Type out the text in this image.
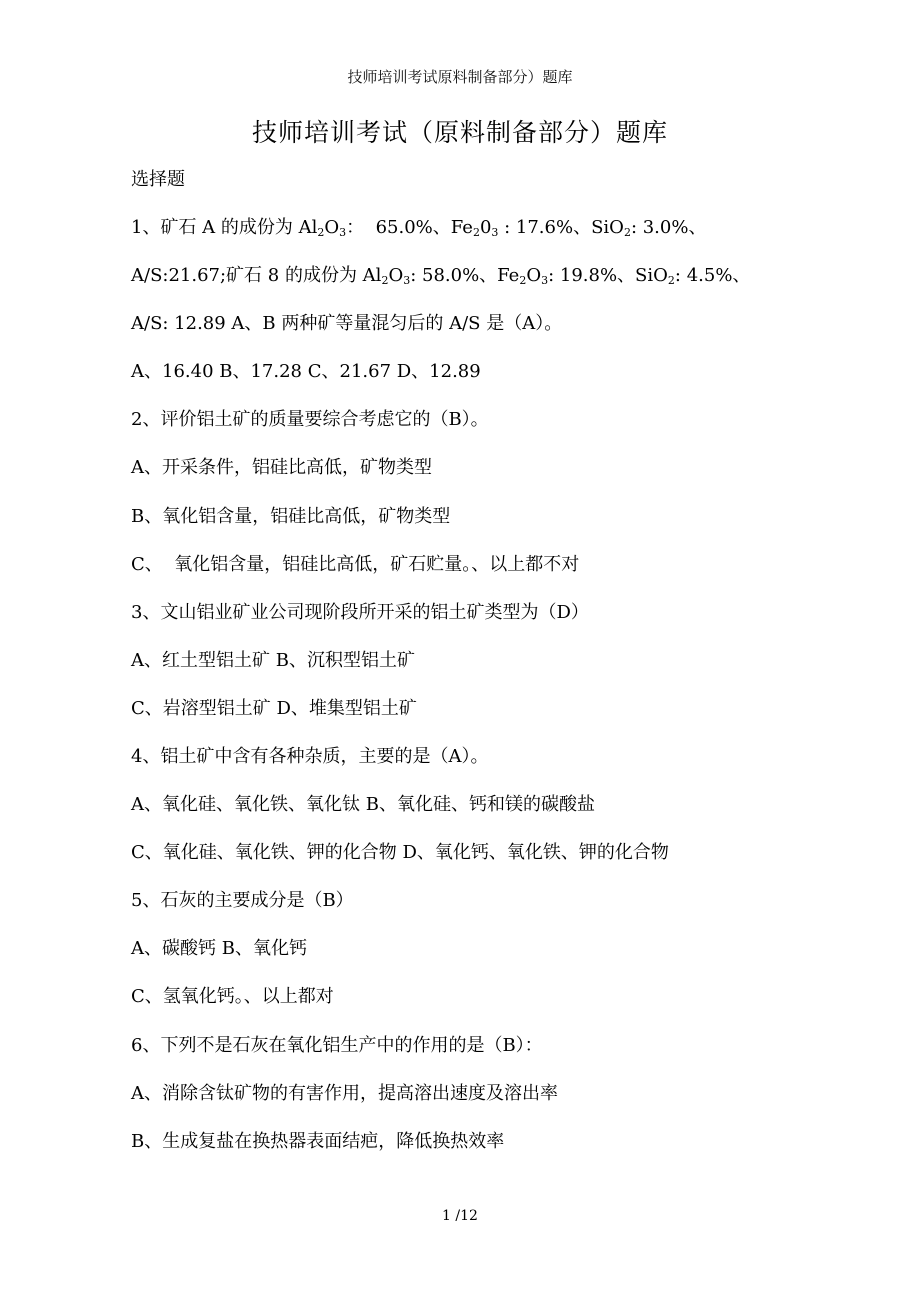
技师培训考试原料制备部分）题库
技师培训考试（原料制备部分）题库
选择题
1、矿石 A 的成份为 $Al_2O_3$：  65.0%、$Fe_20_3$ : 17.6%、SiO$_2$: 3.0%、
A/S:21.67;矿石 8 的成份为 $Al_2O_3$: 58.0%、$Fe_2O_3$: 19.8%、SiO$_2$: 4.5%、
A/S: 12.89 A、B 两种矿等量混匀后的 A/S 是（A）。
A、16.40 B、17.28 C、21.67 D、12.89
2、评价铝土矿的质量要综合考虑它的（B）。
A、开采条件，铝硅比高低，矿物类型
B、氧化铝含量，铝硅比高低，矿物类型
C、  氧化铝含量，铝硅比高低，矿石贮量。、以上都不对
3、文山铝业矿业公司现阶段所开采的铝土矿类型为（D）
A、红土型铝土矿 B、沉积型铝土矿
C、岩溶型铝土矿 D、堆集型铝土矿
4、铝土矿中含有各种杂质，主要的是（A）。
A、氧化硅、氧化铁、氧化钛 B、氧化硅、钙和镁的碳酸盐
C、氧化硅、氧化铁、钾的化合物 D、氧化钙、氧化铁、钾的化合物
5、石灰的主要成分是（B）
A、碳酸钙 B、氧化钙
C、氢氧化钙。、以上都对
6、下列不是石灰在氧化铝生产中的作用的是（B）：
A、消除含钛矿物的有害作用，提高溶出速度及溶出率
B、生成复盐在换热器表面结疤，降低换热效率
1 /12
